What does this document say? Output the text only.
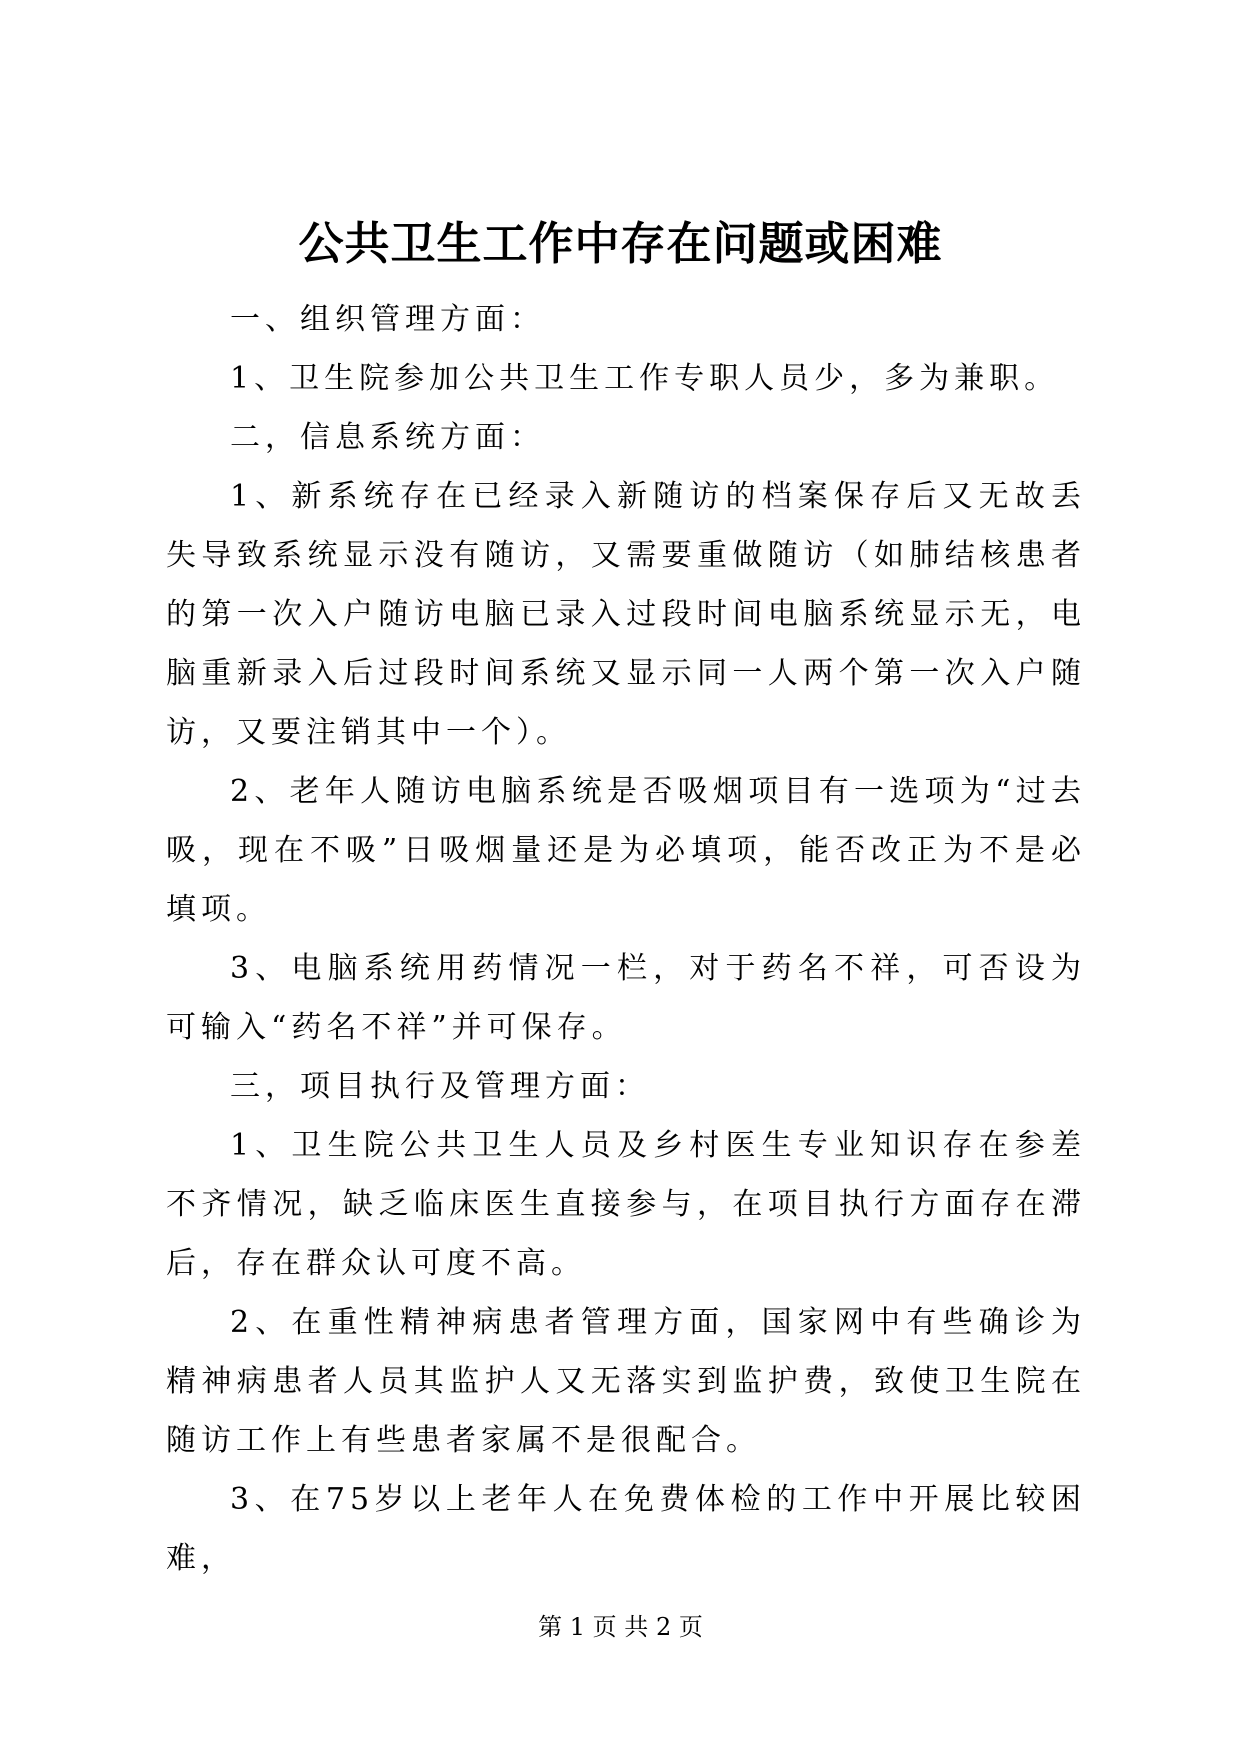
公共卫生工作中存在问题或困难

一、组织管理方面：

1、卫生院参加公共卫生工作专职人员少，多为兼职。

二，信息系统方面：

1、新系统存在已经录入新随访的档案保存后又无故丢失导致系统显示没有随访，又需要重做随访（如肺结核患者的第一次入户随访电脑已录入过段时间电脑系统显示无，电脑重新录入后过段时间系统又显示同一人两个第一次入户随访，又要注销其中一个）。

2、老年人随访电脑系统是否吸烟项目有一选项为“过去吸，现在不吸”日吸烟量还是为必填项，能否改正为不是必填项。

3、电脑系统用药情况一栏，对于药名不祥，可否设为可输入“药名不祥”并可保存。

三，项目执行及管理方面：

1、卫生院公共卫生人员及乡村医生专业知识存在参差不齐情况，缺乏临床医生直接参与，在项目执行方面存在滞后，存在群众认可度不高。

2、在重性精神病患者管理方面，国家网中有些确诊为精神病患者人员其监护人又无落实到监护费，致使卫生院在随访工作上有些患者家属不是很配合。

3、在75岁以上老年人在免费体检的工作中开展比较困难，

第 1 页 共 2 页
